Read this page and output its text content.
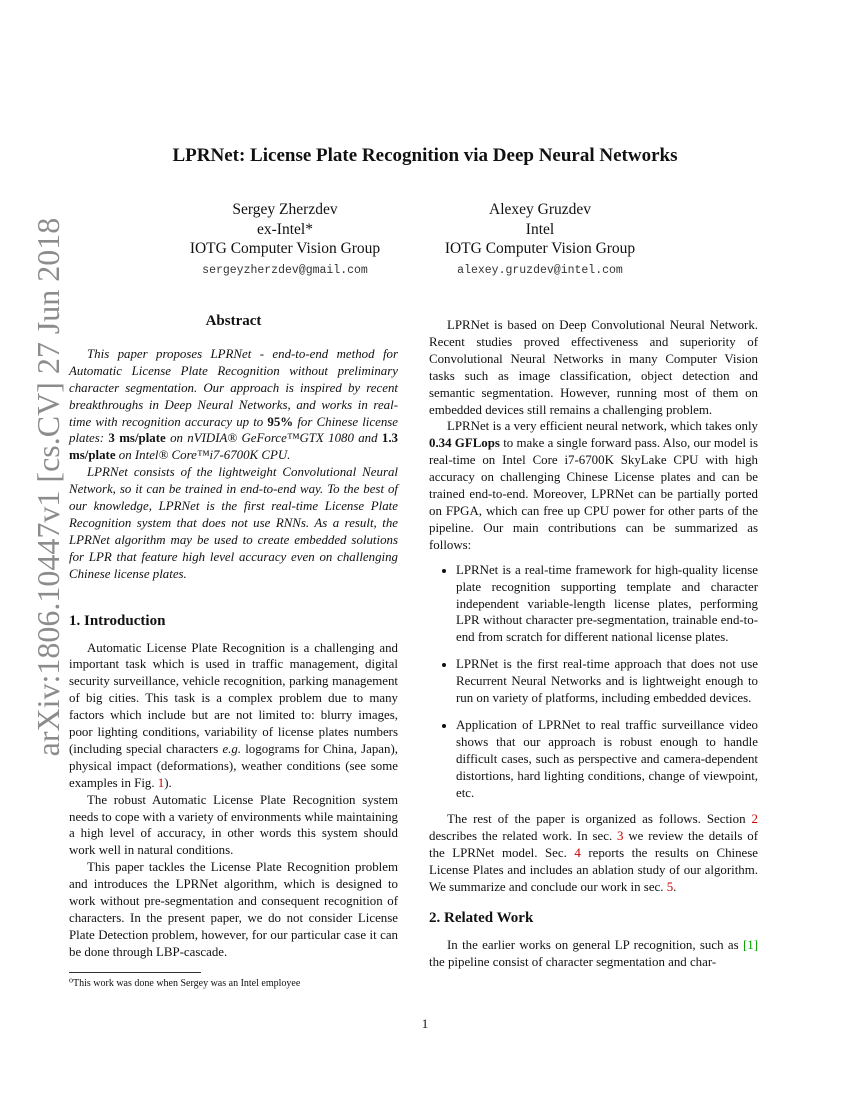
LPRNet: License Plate Recognition via Deep Neural Networks
Sergey Zherzdev
ex-Intel*
IOTG Computer Vision Group
sergeyzherzdev@gmail.com
Alexey Gruzdev
Intel
IOTG Computer Vision Group
alexey.gruzdev@intel.com
arXiv:1806.10447v1 [cs.CV] 27 Jun 2018	Abstract

This paper proposes LPRNet - end-to-end method for Automatic License Plate Recognition without preliminary character segmentation. Our approach is inspired by recent breakthroughs in Deep Neural Networks, and works in real-time with recognition accuracy up to 95% for Chinese license plates: 3 ms/plate on nVIDIA® GeForce™GTX 1080 and 1.3 ms/plate on Intel® Core™i7-6700K CPU.

LPRNet consists of the lightweight Convolutional Neural Network, so it can be trained in end-to-end way. To the best of our knowledge, LPRNet is the first real-time License Plate Recognition system that does not use RNNs. As a result, the LPRNet algorithm may be used to create embedded solutions for LPR that feature high level accuracy even on challenging Chinese license plates.

1. Introduction

Automatic License Plate Recognition is a challenging and important task which is used in traffic management, digital security surveillance, vehicle recognition, parking management of big cities. This task is a complex problem due to many factors which include but are not limited to: blurry images, poor lighting conditions, variability of license plates numbers (including special characters e.g. logograms for China, Japan), physical impact (deformations), weather conditions (see some examples in Fig. 1).

The robust Automatic License Plate Recognition system needs to cope with a variety of environments while maintaining a high level of accuracy, in other words this system should work well in natural conditions.

This paper tackles the License Plate Recognition problem and introduces the LPRNet algorithm, which is designed to work without pre-segmentation and consequent recognition of characters. In the present paper, we do not consider License Plate Detection problem, however, for our particular case it can be done through LBP-cascade.

LPRNet is based on Deep Convolutional Neural Network. Recent studies proved effectiveness and superiority of Convolutional Neural Networks in many Computer Vision tasks such as image classification, object detection and semantic segmentation. However, running most of them on embedded devices still remains a challenging problem.

LPRNet is a very efficient neural network, which takes only 0.34 GFLops to make a single forward pass. Also, our model is real-time on Intel Core i7-6700K SkyLake CPU with high accuracy on challenging Chinese License plates and can be trained end-to-end. Moreover, LPRNet can be partially ported on FPGA, which can free up CPU power for other parts of the pipeline. Our main contributions can be summarized as follows:

• LPRNet is a real-time framework for high-quality license plate recognition supporting template and character independent variable-length license plates, performing LPR without character pre-segmentation, trainable end-to-end from scratch for different national license plates.
• LPRNet is the first real-time approach that does not use Recurrent Neural Networks and is lightweight enough to run on variety of platforms, including embedded devices.
• Application of LPRNet to real traffic surveillance video shows that our approach is robust enough to handle difficult cases, such as perspective and camera-dependent distortions, hard lighting conditions, change of viewpoint, etc.

The rest of the paper is organized as follows. Section 2 describes the related work. In sec. 3 we review the details of the LPRNet model. Sec. 4 reports the results on Chinese License Plates and includes an ablation study of our algorithm. We summarize and conclude our work in sec. 5.

2. Related Work

In the earlier works on general LP recognition, such as [1] the pipeline consist of character segmentation and char-

⁰This work was done when Sergey was an Intel employee
1
